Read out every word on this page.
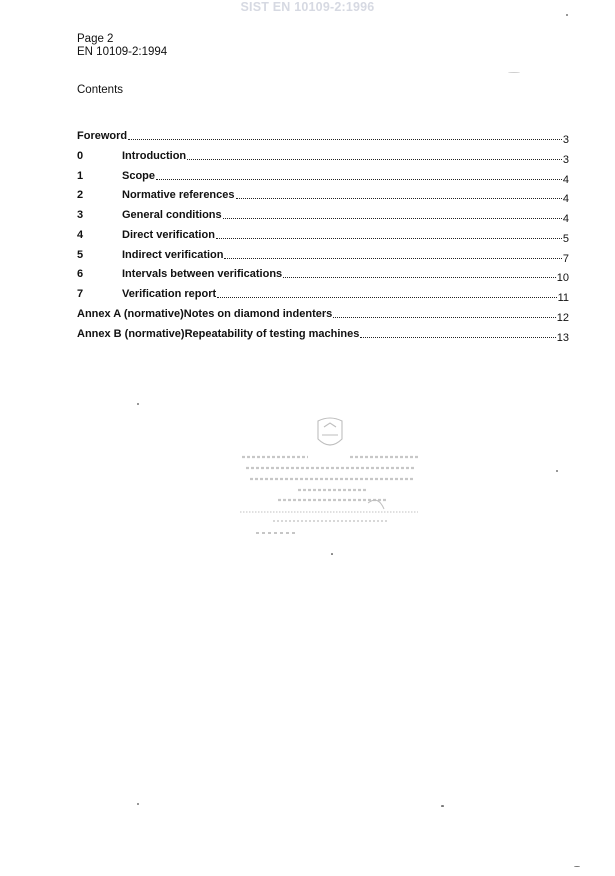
SIST EN 10109-2:1996
Page 2
EN 10109-2:1994
Contents
Foreword	3
0	Introduction	3
1	Scope	4
2	Normative references	4
3	General conditions	4
4	Direct verification	5
5	Indirect verification	7
6	Intervals between verifications	10
7	Verification report	11
Annex A (normative)Notes on diamond indenters	12
Annex B (normative)Repeatability of testing machines	13
